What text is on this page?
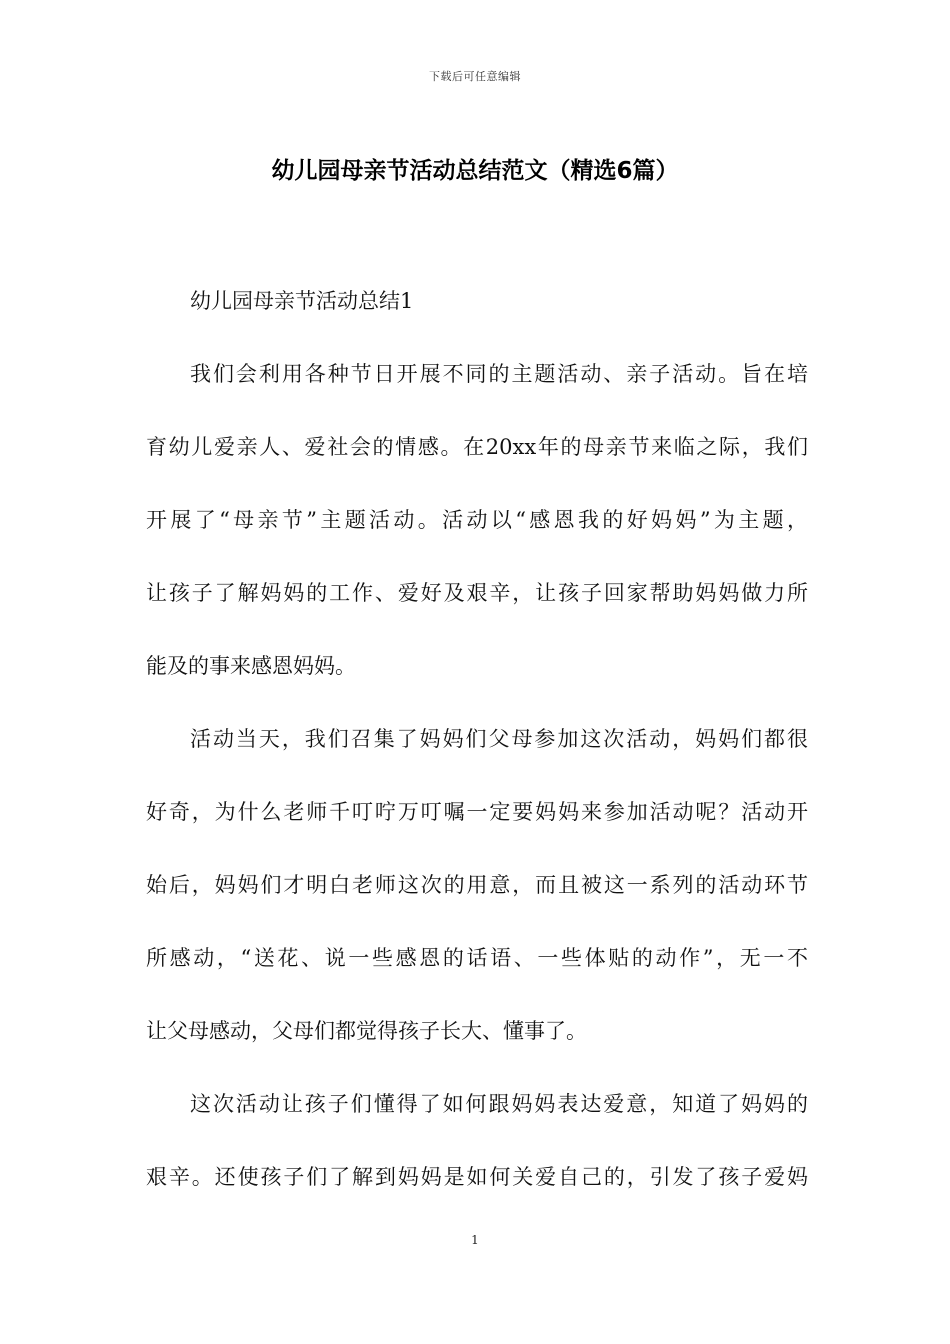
下载后可任意编辑
幼儿园母亲节活动总结范文（精选6篇）
幼儿园母亲节活动总结1
我们会利用各种节日开展不同的主题活动、亲子活动。旨在培
育幼儿爱亲人、爱社会的情感。在20xx年的母亲节来临之际，我们
开展了“母亲节”主题活动。活动以“感恩我的好妈妈”为主题，
让孩子了解妈妈的工作、爱好及艰辛，让孩子回家帮助妈妈做力所
能及的事来感恩妈妈。
活动当天，我们召集了妈妈们父母参加这次活动，妈妈们都很
好奇，为什么老师千叮咛万叮嘱一定要妈妈来参加活动呢？活动开
始后，妈妈们才明白老师这次的用意，而且被这一系列的活动环节
所感动，“送花、说一些感恩的话语、一些体贴的动作”，无一不
让父母感动，父母们都觉得孩子长大、懂事了。
这次活动让孩子们懂得了如何跟妈妈表达爱意，知道了妈妈的
艰辛。还使孩子们了解到妈妈是如何关爱自己的，引发了孩子爱妈
1
